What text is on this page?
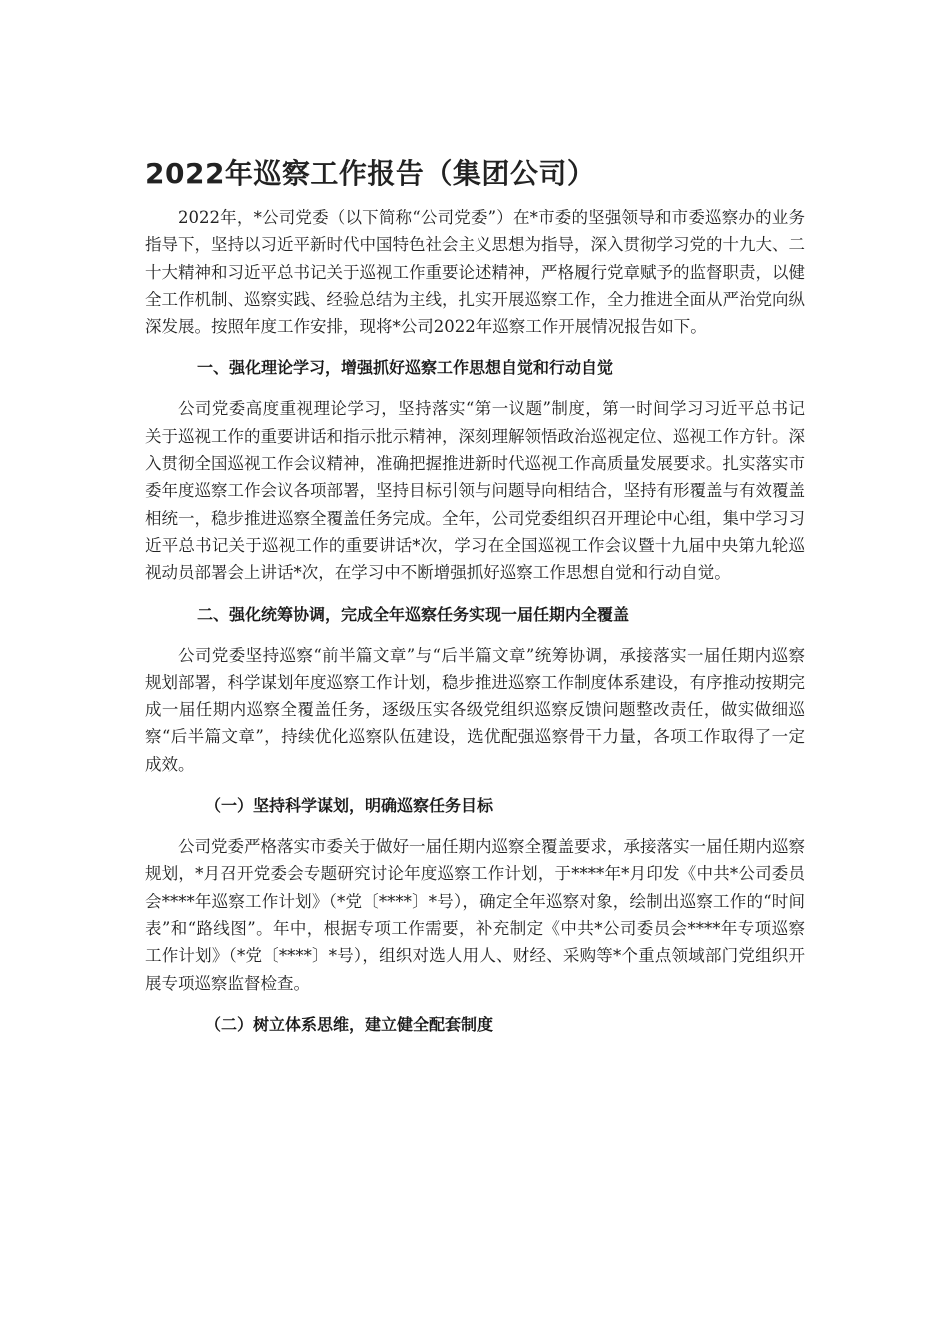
2022年巡察工作报告（集团公司）

2022年，*公司党委（以下简称“公司党委”）在*市委的坚强领导和市委巡察办的业务指导下，坚持以习近平新时代中国特色社会主义思想为指导，深入贯彻学习党的十九大、二十大精神和习近平总书记关于巡视工作重要论述精神，严格履行党章赋予的监督职责，以健全工作机制、巡察实践、经验总结为主线，扎实开展巡察工作，全力推进全面从严治党向纵深发展。按照年度工作安排，现将*公司2022年巡察工作开展情况报告如下。

一、强化理论学习，增强抓好巡察工作思想自觉和行动自觉

公司党委高度重视理论学习，坚持落实“第一议题”制度，第一时间学习习近平总书记关于巡视工作的重要讲话和指示批示精神，深刻理解领悟政治巡视定位、巡视工作方针。深入贯彻全国巡视工作会议精神，准确把握推进新时代巡视工作高质量发展要求。扎实落实市委年度巡察工作会议各项部署，坚持目标引领与问题导向相结合，坚持有形覆盖与有效覆盖相统一，稳步推进巡察全覆盖任务完成。全年，公司党委组织召开理论中心组，集中学习习近平总书记关于巡视工作的重要讲话*次，学习在全国巡视工作会议暨十九届中央第九轮巡视动员部署会上讲话*次，在学习中不断增强抓好巡察工作思想自觉和行动自觉。

二、强化统筹协调，完成全年巡察任务实现一届任期内全覆盖

公司党委坚持巡察“前半篇文章”与“后半篇文章”统筹协调，承接落实一届任期内巡察规划部署，科学谋划年度巡察工作计划，稳步推进巡察工作制度体系建设，有序推动按期完成一届任期内巡察全覆盖任务，逐级压实各级党组织巡察反馈问题整改责任，做实做细巡察“后半篇文章”，持续优化巡察队伍建设，选优配强巡察骨干力量，各项工作取得了一定成效。

（一）坚持科学谋划，明确巡察任务目标

公司党委严格落实市委关于做好一届任期内巡察全覆盖要求，承接落实一届任期内巡察规划，*月召开党委会专题研究讨论年度巡察工作计划，于****年*月印发《中共*公司委员会****年巡察工作计划》（*党〔****〕*号），确定全年巡察对象，绘制出巡察工作的“时间表”和“路线图”。年中，根据专项工作需要，补充制定《中共*公司委员会****年专项巡察工作计划》（*党〔****〕*号），组织对选人用人、财经、采购等*个重点领域部门党组织开展专项巡察监督检查。

（二）树立体系思维，建立健全配套制度
